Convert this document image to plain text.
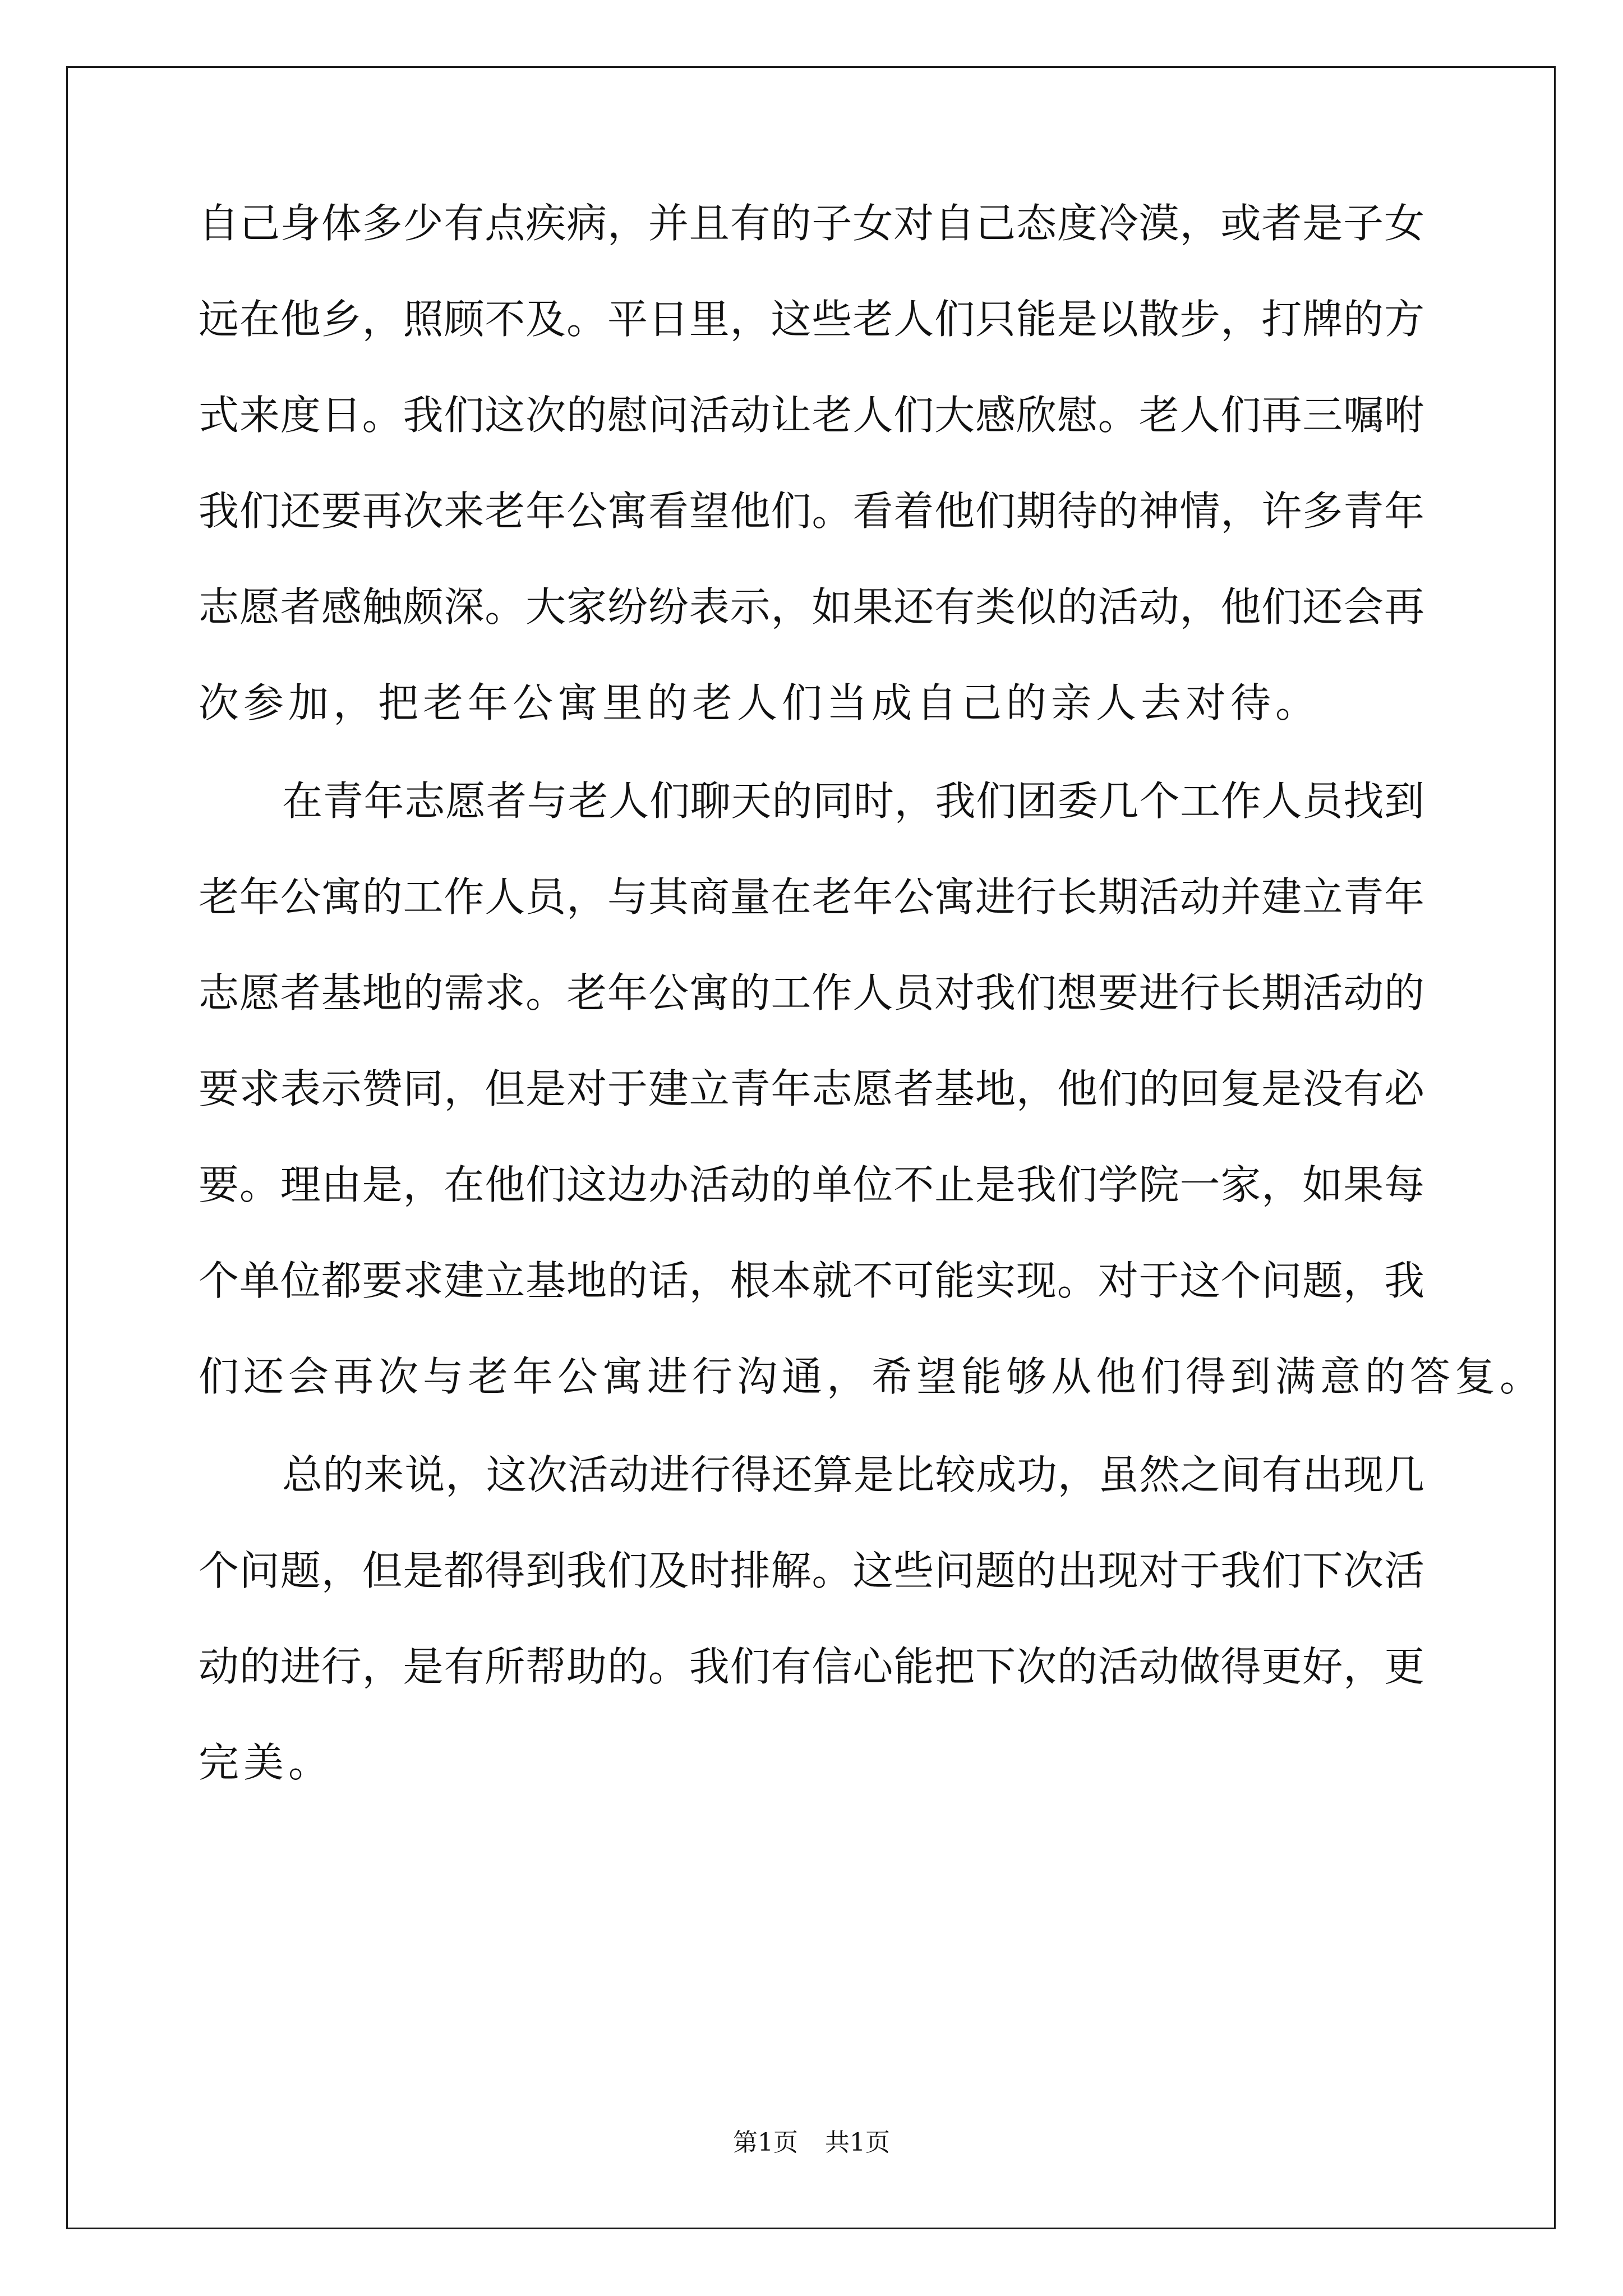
自己身体多少有点疾病，并且有的子女对自己态度冷漠，或者是子女
远在他乡，照顾不及。平日里，这些老人们只能是以散步，打牌的方
式来度日。我们这次的慰问活动让老人们大感欣慰。老人们再三嘱咐
我们还要再次来老年公寓看望他们。看着他们期待的神情，许多青年
志愿者感触颇深。大家纷纷表示，如果还有类似的活动，他们还会再
次参加，把老年公寓里的老人们当成自己的亲人去对待。
在青年志愿者与老人们聊天的同时，我们团委几个工作人员找到
老年公寓的工作人员，与其商量在老年公寓进行长期活动并建立青年
志愿者基地的需求。老年公寓的工作人员对我们想要进行长期活动的
要求表示赞同，但是对于建立青年志愿者基地，他们的回复是没有必
要。理由是，在他们这边办活动的单位不止是我们学院一家，如果每
个单位都要求建立基地的话，根本就不可能实现。对于这个问题，我
们还会再次与老年公寓进行沟通，希望能够从他们得到满意的答复。
总的来说，这次活动进行得还算是比较成功，虽然之间有出现几
个问题，但是都得到我们及时排解。这些问题的出现对于我们下次活
动的进行，是有所帮助的。我们有信心能把下次的活动做得更好，更
完美。
第1页 共1页
